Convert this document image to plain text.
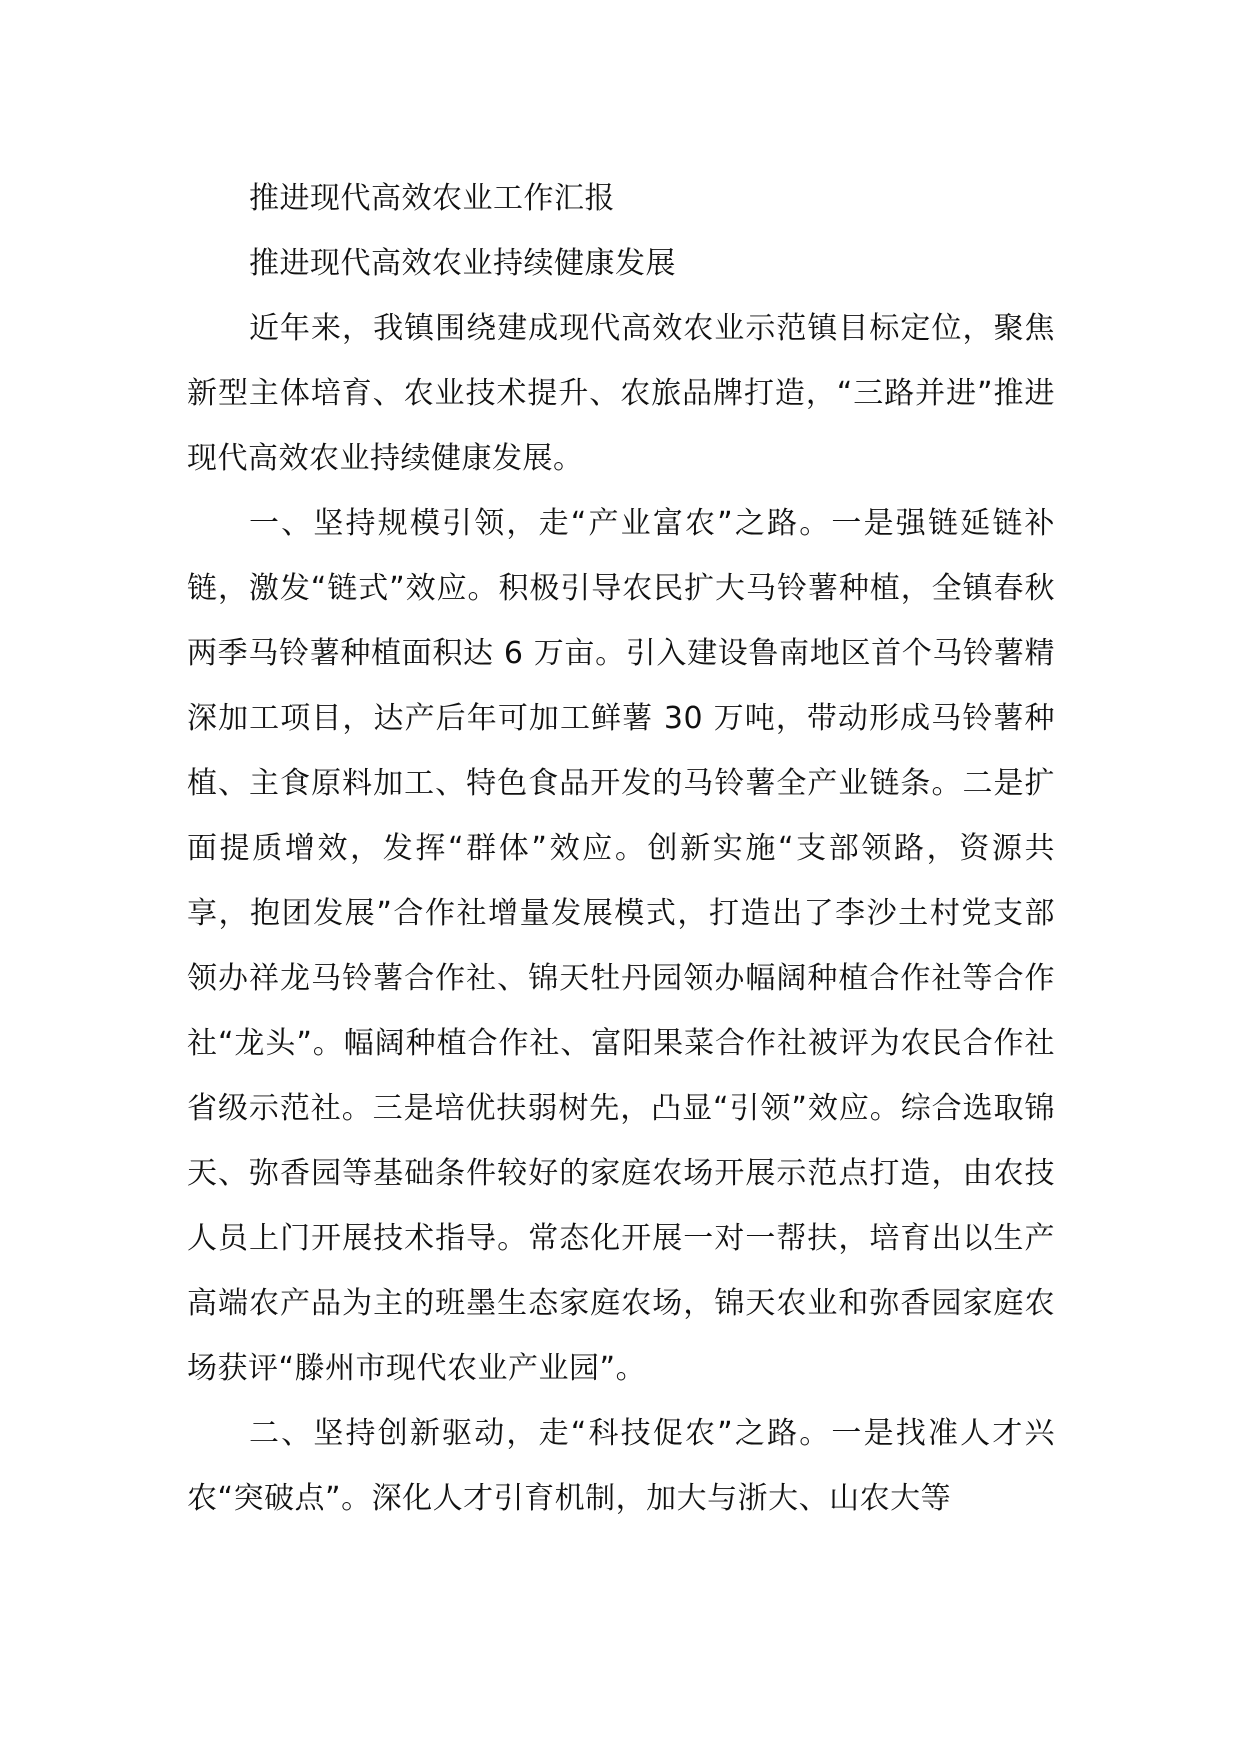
推进现代高效农业工作汇报

推进现代高效农业持续健康发展

近年来，我镇围绕建成现代高效农业示范镇目标定位，聚焦新型主体培育、农业技术提升、农旅品牌打造，“三路并进”推进现代高效农业持续健康发展。

一、坚持规模引领，走“产业富农”之路。一是强链延链补链，激发“链式”效应。积极引导农民扩大马铃薯种植，全镇春秋两季马铃薯种植面积达 6 万亩。引入建设鲁南地区首个马铃薯精深加工项目，达产后年可加工鲜薯 30 万吨，带动形成马铃薯种植、主食原料加工、特色食品开发的马铃薯全产业链条。二是扩面提质增效，发挥“群体”效应。创新实施“支部领路，资源共享，抱团发展”合作社增量发展模式，打造出了李沙土村党支部领办祥龙马铃薯合作社、锦天牡丹园领办幅阔种植合作社等合作社“龙头”。幅阔种植合作社、富阳果菜合作社被评为农民合作社省级示范社。三是培优扶弱树先，凸显“引领”效应。综合选取锦天、弥香园等基础条件较好的家庭农场开展示范点打造，由农技人员上门开展技术指导。常态化开展一对一帮扶，培育出以生产高端农产品为主的班墨生态家庭农场，锦天农业和弥香园家庭农场获评“滕州市现代农业产业园”。

二、坚持创新驱动，走“科技促农”之路。一是找准人才兴农“突破点”。深化人才引育机制，加大与浙大、山农大等
